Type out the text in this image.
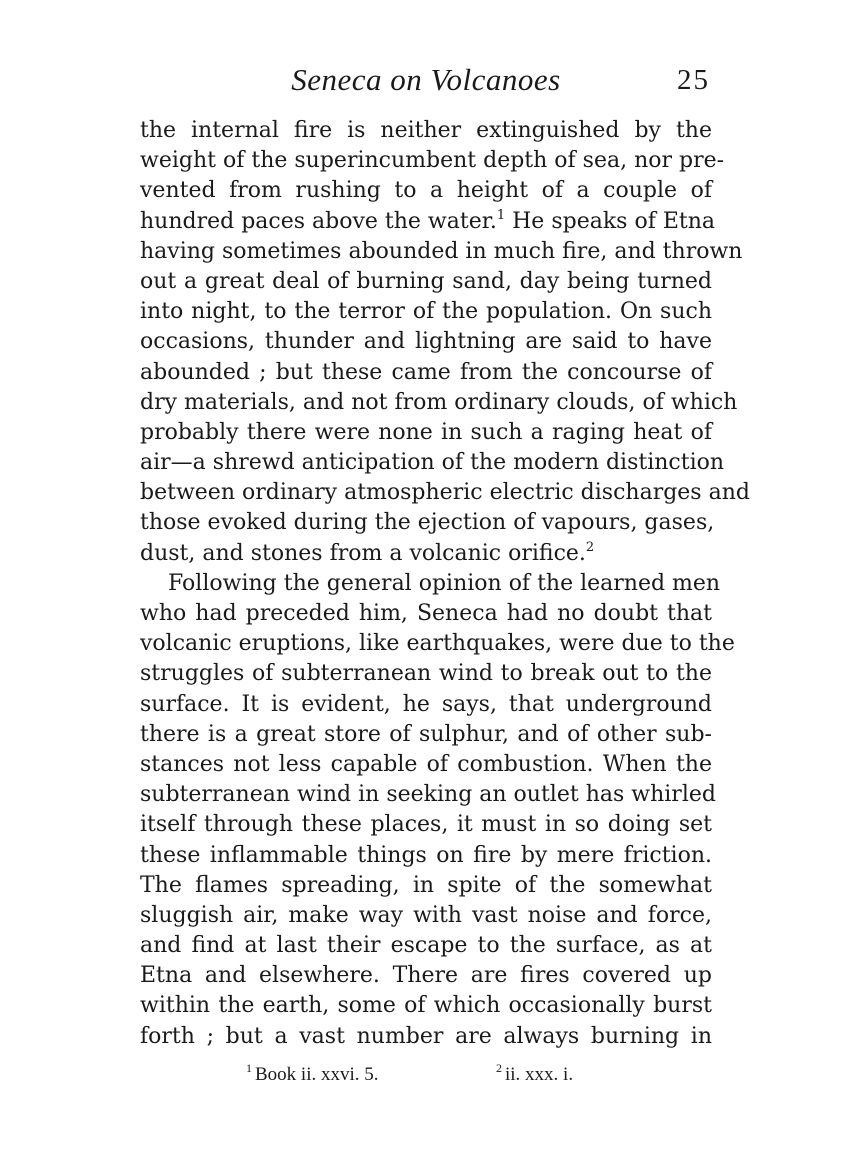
Seneca on Volcanoes	25
the internal fire is neither extinguished by the
weight of the superincumbent depth of sea, nor pre-
vented from rushing to a height of a couple of
hundred paces above the water.$^1$ He speaks of Etna
having sometimes abounded in much fire, and thrown
out a great deal of burning sand, day being turned
into night, to the terror of the population. On such
occasions, thunder and lightning are said to have
abounded ; but these came from the concourse of
dry materials, and not from ordinary clouds, of which
probably there were none in such a raging heat of
air—a shrewd anticipation of the modern distinction
between ordinary atmospheric electric discharges and
those evoked during the ejection of vapours, gases,
dust, and stones from a volcanic orifice.$^2$
Following the general opinion of the learned men
who had preceded him, Seneca had no doubt that
volcanic eruptions, like earthquakes, were due to the
struggles of subterranean wind to break out to the
surface. It is evident, he says, that underground
there is a great store of sulphur, and of other sub-
stances not less capable of combustion. When the
subterranean wind in seeking an outlet has whirled
itself through these places, it must in so doing set
these inflammable things on fire by mere friction.
The flames spreading, in spite of the somewhat
sluggish air, make way with vast noise and force,
and find at last their escape to the surface, as at
Etna and elsewhere. There are fires covered up
within the earth, some of which occasionally burst
forth ; but a vast number are always burning in
$^1$ Book ii. xxvi. 5.	$^2$ ii. xxx. i.
